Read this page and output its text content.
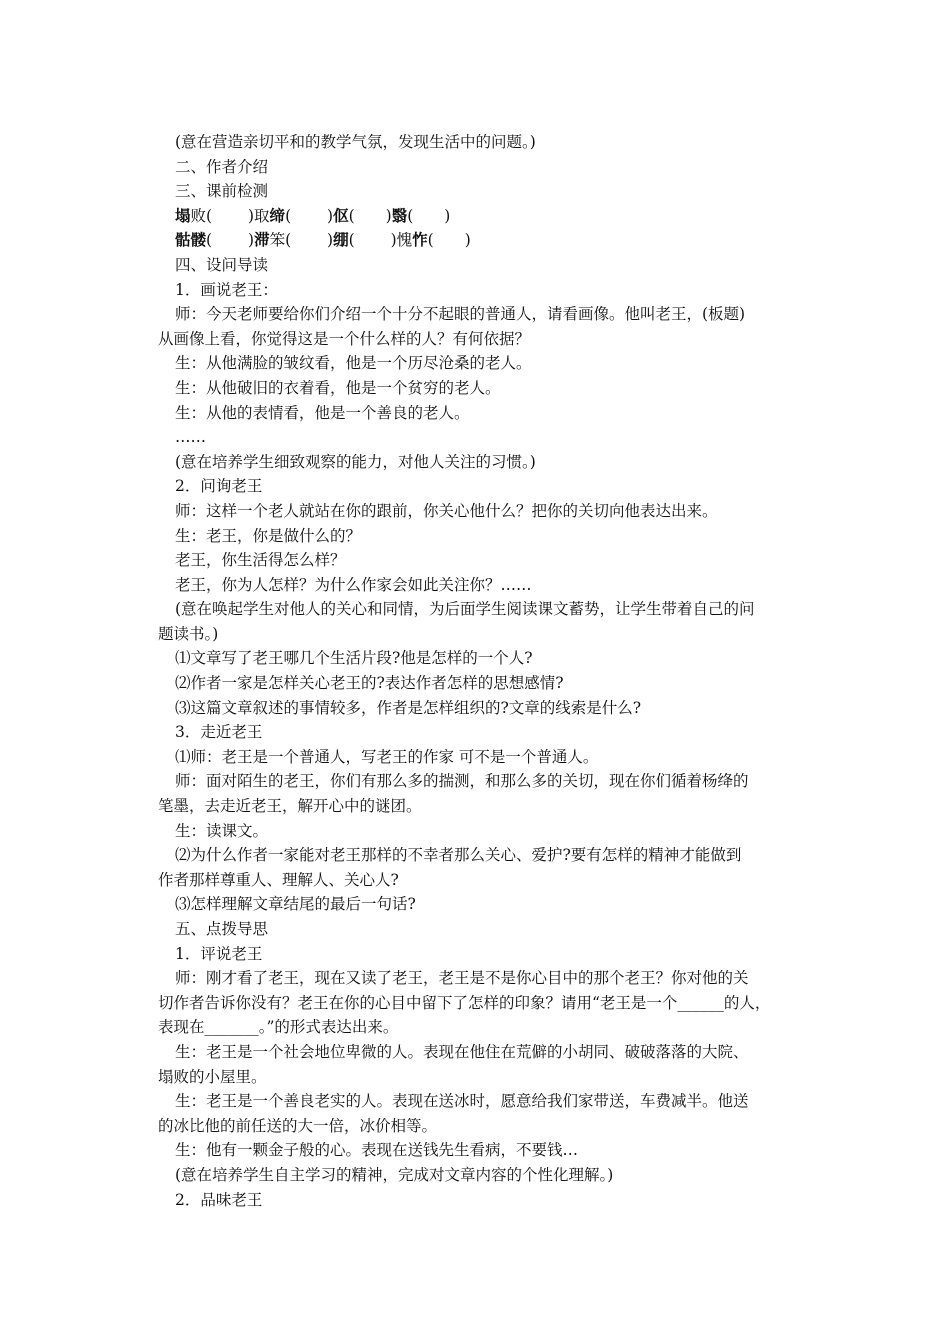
(意在营造亲切平和的教学气氛，发现生活中的问题。)
二、作者介绍
三、课前检测
塌败(　　 )取缔(　　 )伛(　　)翳(　　)
骷髅(　　 )滞笨(　　 )绷(　　 )愧怍(　　)
四、设问导读
1．画说老王：
师：今天老师要给你们介绍一个十分不起眼的普通人，请看画像。他叫老王，(板题)
从画像上看，你觉得这是一个什么样的人？有何依据？
生：从他满脸的皱纹看，他是一个历尽沧桑的老人。
生：从他破旧的衣着看，他是一个贫穷的老人。
生：从他的表情看，他是一个善良的老人。
……
(意在培养学生细致观察的能力，对他人关注的习惯。)
2．问询老王
师：这样一个老人就站在你的跟前，你关心他什么？把你的关切向他表达出来。
生：老王，你是做什么的？
老王，你生活得怎么样？
老王，你为人怎样？为什么作家会如此关注你？……
(意在唤起学生对他人的关心和同情，为后面学生阅读课文蓄势，让学生带着自己的问
题读书。)
⑴文章写了老王哪几个生活片段?他是怎样的一个人?
⑵作者一家是怎样关心老王的?表达作者怎样的思想感情?
⑶这篇文章叙述的事情较多，作者是怎样组织的?文章的线索是什么?
3．走近老王
⑴师：老王是一个普通人，写老王的作家 可不是一个普通人。
师：面对陌生的老王，你们有那么多的揣测，和那么多的关切，现在你们循着杨绛的
笔墨，去走近老王，解开心中的谜团。
生：读课文。
⑵为什么作者一家能对老王那样的不幸者那么关心、爱护?要有怎样的精神才能做到
作者那样尊重人、理解人、关心人?
⑶怎样理解文章结尾的最后一句话?
五、点拨导思
1．评说老王
师：刚才看了老王，现在又读了老王，老王是不是你心目中的那个老王？你对他的关
切作者告诉你没有？老王在你的心目中留下了怎样的印象？请用“老王是一个______的人，
表现在_______。”的形式表达出来。
生：老王是一个社会地位卑微的人。表现在他住在荒僻的小胡同、破破落落的大院、
塌败的小屋里。
生：老王是一个善良老实的人。表现在送冰时，愿意给我们家带送，车费减半。他送
的冰比他的前任送的大一倍，冰价相等。
生：他有一颗金子般的心。表现在送钱先生看病，不要钱…
(意在培养学生自主学习的精神，完成对文章内容的个性化理解。)
2．品味老王
